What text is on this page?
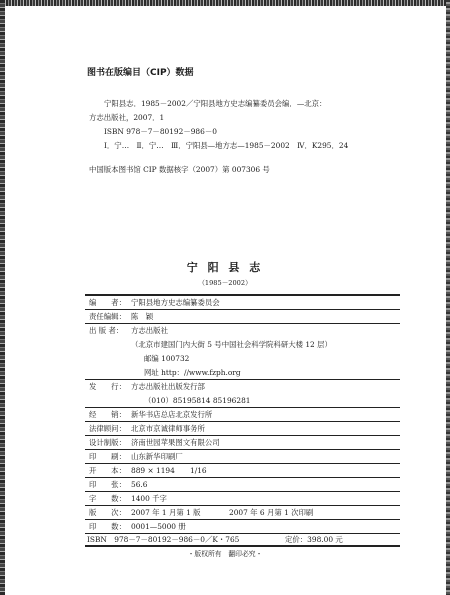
图书在版编目（CIP）数据
宁阳县志．1985－2002／宁阳县地方史志编纂委员会编．—北京：
方志出版社，2007．1
ISBN 978－7－80192－986－0
Ⅰ．宁…　Ⅱ．宁…　Ⅲ．宁阳县—地方志—1985－2002　Ⅳ．K295．24
中国版本图书馆 CIP 数据核字（2007）第 007306 号
宁 阳 县 志
（1985－2002）
编　　者： 宁阳县地方史志编纂委员会
责任编辑： 陈　颖
出 版 者： 方志出版社
（北京市建国门内大街 5 号中国社会科学院科研大楼 12 层）
邮编 100732
网址 http：//www.fzph.org
发　　行： 方志出版社出版发行部
（010）85195814 85196281
经　　销： 新华书店总店北京发行所
法律顾问： 北京市京诚律师事务所
设计制版： 济南世园苹果图文有限公司
印　　刷： 山东新华印刷厂
开　　本： 889 × 1194 1/16
印　　张： 56.6
字　　数： 1400 千字
版　　次： 2007 年 1 月第 1 版	2007 年 6 月第 1 次印刷
印　　数： 0001—5000 册
ISBN　978－7－80192－986－0／K・765	定价：398.00 元
・版权所有　翻印必究・
